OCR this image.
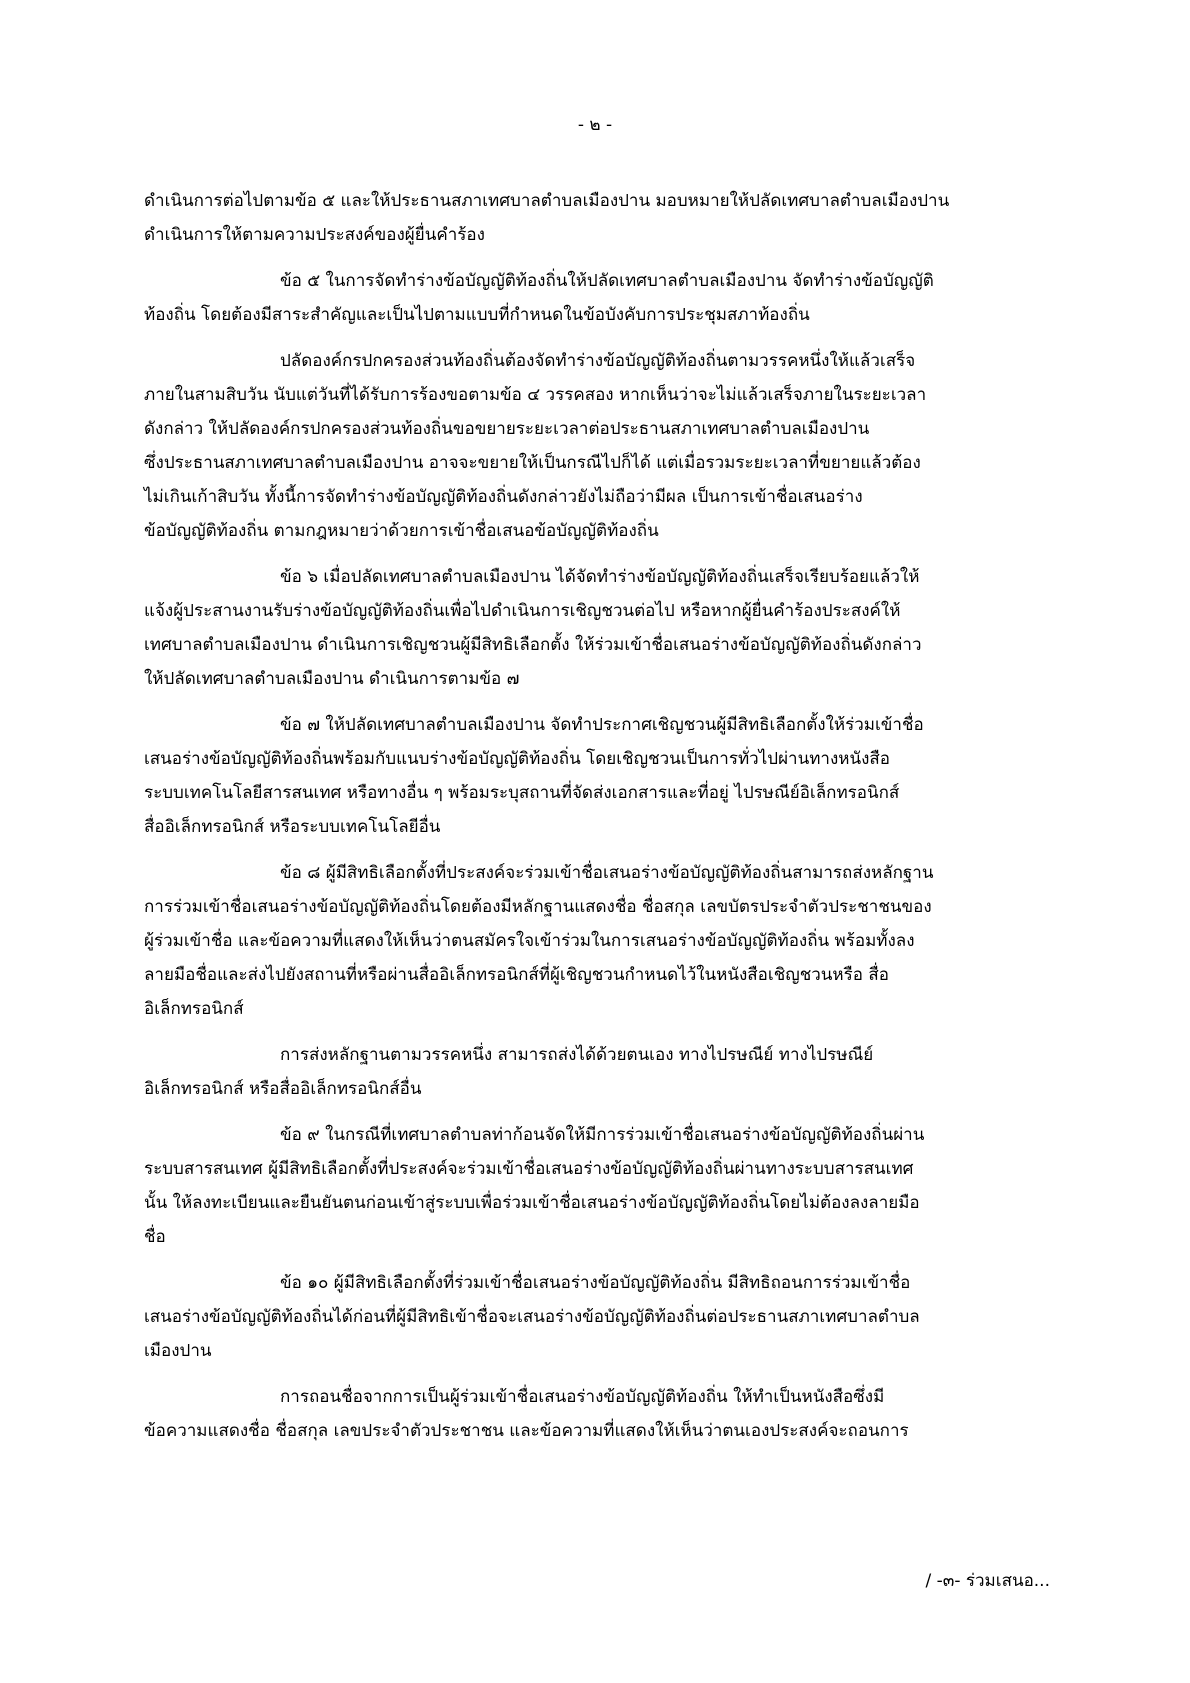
- ๒ -
ดำเนินการต่อไปตามข้อ ๕ และให้ประธานสภาเทศบาลตำบลเมืองปาน มอบหมายให้ปลัดเทศบาลตำบลเมืองปาน
ดำเนินการให้ตามความประสงค์ของผู้ยื่นคำร้อง
ข้อ ๕ ในการจัดทำร่างข้อบัญญัติท้องถิ่นให้ปลัดเทศบาลตำบลเมืองปาน จัดทำร่างข้อบัญญัติ
ท้องถิ่น โดยต้องมีสาระสำคัญและเป็นไปตามแบบที่กำหนดในข้อบังคับการประชุมสภาท้องถิ่น
ปลัดองค์กรปกครองส่วนท้องถิ่นต้องจัดทำร่างข้อบัญญัติท้องถิ่นตามวรรคหนึ่งให้แล้วเสร็จ
ภายในสามสิบวัน นับแต่วันที่ได้รับการร้องขอตามข้อ ๔ วรรคสอง หากเห็นว่าจะไม่แล้วเสร็จภายในระยะเวลา
ดังกล่าว ให้ปลัดองค์กรปกครองส่วนท้องถิ่นขอขยายระยะเวลาต่อประธานสภาเทศบาลตำบลเมืองปาน
ซึ่งประธานสภาเทศบาลตำบลเมืองปาน อาจจะขยายให้เป็นกรณีไปก็ได้ แต่เมื่อรวมระยะเวลาที่ขยายแล้วต้อง
ไม่เกินเก้าสิบวัน ทั้งนี้การจัดทำร่างข้อบัญญัติท้องถิ่นดังกล่าวยังไม่ถือว่ามีผล เป็นการเข้าชื่อเสนอร่าง
ข้อบัญญัติท้องถิ่น ตามกฎหมายว่าด้วยการเข้าชื่อเสนอข้อบัญญัติท้องถิ่น
ข้อ ๖ เมื่อปลัดเทศบาลตำบลเมืองปาน ได้จัดทำร่างข้อบัญญัติท้องถิ่นเสร็จเรียบร้อยแล้วให้
แจ้งผู้ประสานงานรับร่างข้อบัญญัติท้องถิ่นเพื่อไปดำเนินการเชิญชวนต่อไป หรือหากผู้ยื่นคำร้องประสงค์ให้
เทศบาลตำบลเมืองปาน ดำเนินการเชิญชวนผู้มีสิทธิเลือกตั้ง ให้ร่วมเข้าชื่อเสนอร่างข้อบัญญัติท้องถิ่นดังกล่าว
ให้ปลัดเทศบาลตำบลเมืองปาน ดำเนินการตามข้อ ๗
ข้อ ๗ ให้ปลัดเทศบาลตำบลเมืองปาน จัดทำประกาศเชิญชวนผู้มีสิทธิเลือกตั้งให้ร่วมเข้าชื่อ
เสนอร่างข้อบัญญัติท้องถิ่นพร้อมกับแนบร่างข้อบัญญัติท้องถิ่น โดยเชิญชวนเป็นการทั่วไปผ่านทางหนังสือ
ระบบเทคโนโลยีสารสนเทศ หรือทางอื่น ๆ พร้อมระบุสถานที่จัดส่งเอกสารและที่อยู่ ไปรษณีย์อิเล็กทรอนิกส์
สื่ออิเล็กทรอนิกส์ หรือระบบเทคโนโลยีอื่น
ข้อ ๘ ผู้มีสิทธิเลือกตั้งที่ประสงค์จะร่วมเข้าชื่อเสนอร่างข้อบัญญัติท้องถิ่นสามารถส่งหลักฐาน
การร่วมเข้าชื่อเสนอร่างข้อบัญญัติท้องถิ่นโดยต้องมีหลักฐานแสดงชื่อ ชื่อสกุล เลขบัตรประจำตัวประชาชนของ
ผู้ร่วมเข้าชื่อ และข้อความที่แสดงให้เห็นว่าตนสมัครใจเข้าร่วมในการเสนอร่างข้อบัญญัติท้องถิ่น พร้อมทั้งลง
ลายมือชื่อและส่งไปยังสถานที่หรือผ่านสื่ออิเล็กทรอนิกส์ที่ผู้เชิญชวนกำหนดไว้ในหนังสือเชิญชวนหรือ สื่อ
อิเล็กทรอนิกส์
การส่งหลักฐานตามวรรคหนึ่ง สามารถส่งได้ด้วยตนเอง ทางไปรษณีย์ ทางไปรษณีย์
อิเล็กทรอนิกส์ หรือสื่ออิเล็กทรอนิกส์อื่น
ข้อ ๙ ในกรณีที่เทศบาลตำบลท่าก้อนจัดให้มีการร่วมเข้าชื่อเสนอร่างข้อบัญญัติท้องถิ่นผ่าน
ระบบสารสนเทศ ผู้มีสิทธิเลือกตั้งที่ประสงค์จะร่วมเข้าชื่อเสนอร่างข้อบัญญัติท้องถิ่นผ่านทางระบบสารสนเทศ
นั้น ให้ลงทะเบียนและยืนยันตนก่อนเข้าสู่ระบบเพื่อร่วมเข้าชื่อเสนอร่างข้อบัญญัติท้องถิ่นโดยไม่ต้องลงลายมือ
ชื่อ
ข้อ ๑๐ ผู้มีสิทธิเลือกตั้งที่ร่วมเข้าชื่อเสนอร่างข้อบัญญัติท้องถิ่น มีสิทธิถอนการร่วมเข้าชื่อ
เสนอร่างข้อบัญญัติท้องถิ่นได้ก่อนที่ผู้มีสิทธิเข้าชื่อจะเสนอร่างข้อบัญญัติท้องถิ่นต่อประธานสภาเทศบาลตำบล
เมืองปาน
การถอนชื่อจากการเป็นผู้ร่วมเข้าชื่อเสนอร่างข้อบัญญัติท้องถิ่น ให้ทำเป็นหนังสือซึ่งมี
ข้อความแสดงชื่อ ชื่อสกุล เลขประจำตัวประชาชน และข้อความที่แสดงให้เห็นว่าตนเองประสงค์จะถอนการ
/ -๓- ร่วมเสนอ...
